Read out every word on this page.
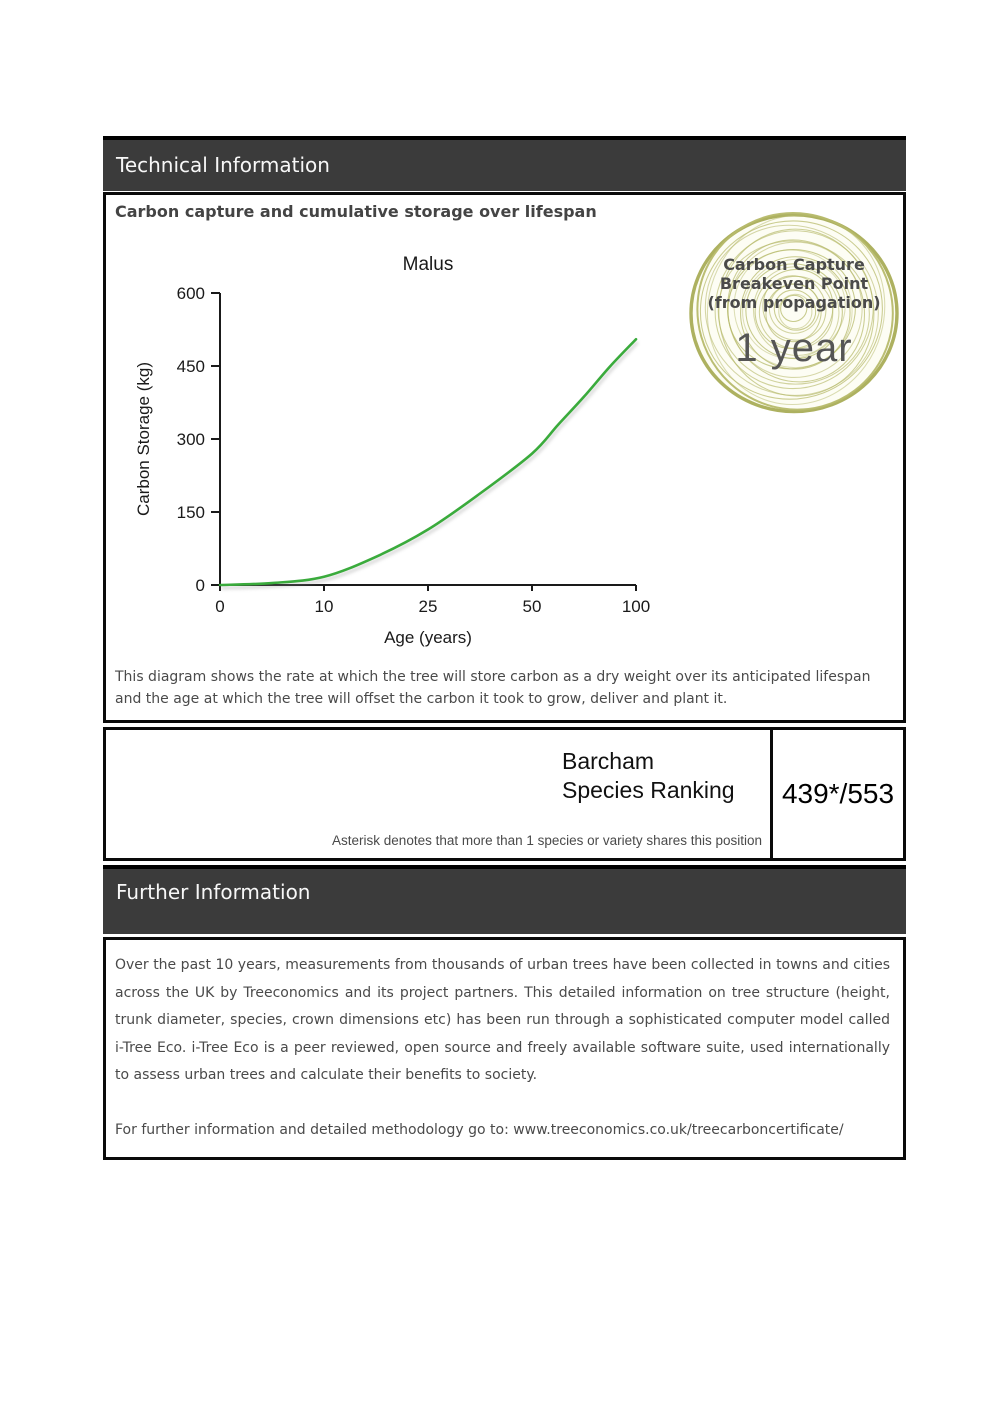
Technical Information
Carbon capture and cumulative storage over lifespan
0
150
300
450
600
0	10	25	50	100
Malus
Age (years)
Carbon Storage (kg)
Carbon Capture
Breakeven Point
(from propagation)
1 year
This diagram shows the rate at which the tree will store carbon as a dry weight over its anticipated lifespan and the age at which the tree will offset the carbon it took to grow, deliver and plant it.
Barcham
Species Ranking
Asterisk denotes that more than 1 species or variety shares this position
439*/553
Further Information
Over the past 10 years, measurements from thousands of urban trees have been collected in towns and cities across the UK by Treeconomics and its project partners. This detailed information on tree structure (height, trunk diameter, species, crown dimensions etc) has been run through a sophisticated computer model called i-Tree Eco. i-Tree Eco is a peer reviewed, open source and freely available software suite, used internationally to assess urban trees and calculate their benefits to society.
For further information and detailed methodology go to: www.treeconomics.co.uk/treecarboncertificate/
